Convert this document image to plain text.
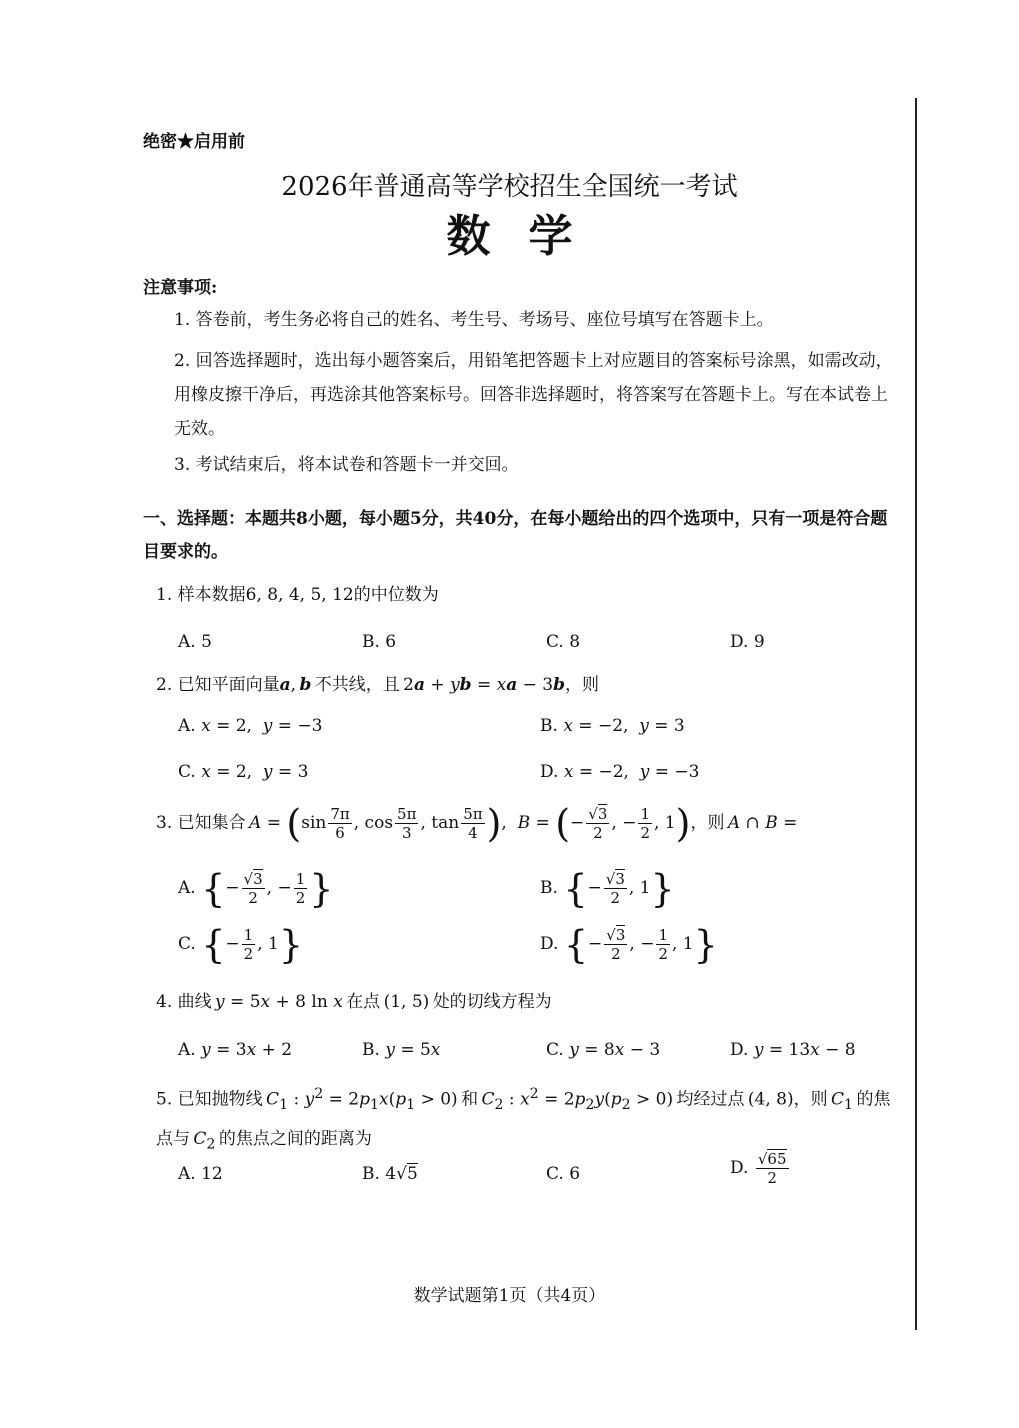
绝密★启用前
2026年普通高等学校招生全国统一考试
数学
注意事项:
1. 答卷前，考生务必将自己的姓名、考生号、考场号、座位号填写在答题卡上。
2. 回答选择题时，选出每小题答案后，用铅笔把答题卡上对应题目的答案标号涂黑，如需改动，用橡皮擦干净后，再选涂其他答案标号。回答非选择题时，将答案写在答题卡上。写在本试卷上无效。
3. 考试结束后，将本试卷和答题卡一并交回。
一、选择题：本题共8小题，每小题5分，共40分，在每小题给出的四个选项中，只有一项是符合题目要求的。
1. 样本数据6, 8, 4, 5, 12的中位数为
A. 5	B. 6	C. 8	D. 9
2. 已知平面向量a, b  不共线，且 2a + yb = xa − 3b，则
A. x = 2,  y = −3	B. x = −2,  y = 3
C. x = 2,  y = 3	D. x = −2,  y = −3
3. 已知集合  $A = (\sin \frac{7\pi}{6}$ , $\cos \frac{5\pi}{3}$ , $\tan \frac{5\pi}{4}$ ),  B = (− $\frac{√3}{2}$ , − $\frac{1}{2}$ , 1)，则  A ∩ B =
A. {− $\frac{√3}{2}$ , − $\frac{1}{2}$ }	B. {− $\frac{√3}{2}$ , 1}
C. {− $\frac{1}{2}$ , 1}	D. {− $\frac{√3}{2}$ , − $\frac{1}{2}$ , 1}
4. 曲线  y = 5x + 8 ln x  在点 (1, 5) 处的切线方程为
A. y = 3x + 2	B. y = 5x	C. y = 8x − 3	D. y = 13x − 8
5. 已知抛物线  $C_1$ : $y^2 = 2p_1x(p_1 > 0)$ 和  $C_2$ : $x^2 = 2p_2y(p_2 > 0)$ 均经过点 (4, 8)，则  $C_1$  的焦点与  $C_2$  的焦点之间的距离为
A. 12	B. 4√5	C. 6	D. $\frac{√65}{2}$
数学试题第1页（共4页）
